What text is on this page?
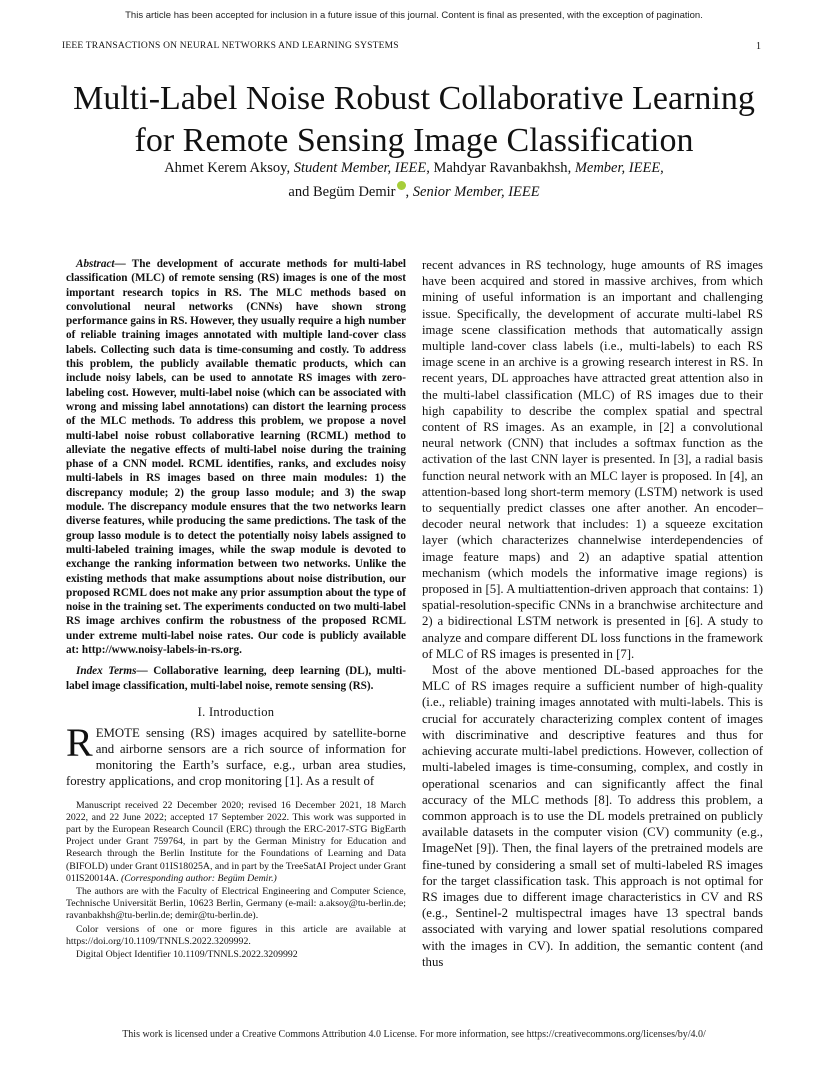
This article has been accepted for inclusion in a future issue of this journal. Content is final as presented, with the exception of pagination.
IEEE TRANSACTIONS ON NEURAL NETWORKS AND LEARNING SYSTEMS	1
Multi-Label Noise Robust Collaborative Learning
for Remote Sensing Image Classification
Ahmet Kerem Aksoy, Student Member, IEEE, Mahdyar Ravanbakhsh, Member, IEEE,
and Begüm Demir , Senior Member, IEEE

Abstract— The development of accurate methods for multi-label classification (MLC) of remote sensing (RS) images is one of the most important research topics in RS. The MLC methods based on convolutional neural networks (CNNs) have shown strong performance gains in RS. However, they usually require a high number of reliable training images annotated with multiple land-cover class labels. Collecting such data is time-consuming and costly. To address this problem, the publicly available thematic products, which can include noisy labels, can be used to annotate RS images with zero-labeling cost. However, multi-label noise (which can be associated with wrong and missing label annotations) can distort the learning process of the MLC methods. To address this problem, we propose a novel multi-label noise robust collaborative learning (RCML) method to alleviate the negative effects of multi-label noise during the training phase of a CNN model. RCML identifies, ranks, and excludes noisy multi-labels in RS images based on three main modules: 1) the discrepancy module; 2) the group lasso module; and 3) the swap module. The discrepancy module ensures that the two networks learn diverse features, while producing the same predictions. The task of the group lasso module is to detect the potentially noisy labels assigned to multi-labeled training images, while the swap module is devoted to exchange the ranking information between two networks. Unlike the existing methods that make assumptions about noise distribution, our proposed RCML does not make any prior assumption about the type of noise in the training set. The experiments conducted on two multi-label RS image archives confirm the robustness of the proposed RCML under extreme multi-label noise rates. Our code is publicly available at: http://www.noisy-labels-in-rs.org.

Index Terms— Collaborative learning, deep learning (DL), multi-label image classification, multi-label noise, remote sensing (RS).

I. Introduction

REMOTE sensing (RS) images acquired by satellite-borne and airborne sensors are a rich source of information for monitoring the Earth’s surface, e.g., urban area studies, forestry applications, and crop monitoring [1]. As a result of

Manuscript received 22 December 2020; revised 16 December 2021, 18 March 2022, and 22 June 2022; accepted 17 September 2022. This work was supported in part by the European Research Council (ERC) through the ERC-2017-STG BigEarth Project under Grant 759764, in part by the German Ministry for Education and Research through the Berlin Institute for the Foundations of Learning and Data (BIFOLD) under Grant 01IS18025A, and in part by the TreeSatAI Project under Grant 01IS20014A. (Corresponding author: Begüm Demir.)

The authors are with the Faculty of Electrical Engineering and Computer Science, Technische Universität Berlin, 10623 Berlin, Germany (e-mail: a.aksoy@tu-berlin.de; ravanbakhsh@tu-berlin.de; demir@tu-berlin.de).

Color versions of one or more figures in this article are available at https://doi.org/10.1109/TNNLS.2022.3209992.

Digital Object Identifier 10.1109/TNNLS.2022.3209992

recent advances in RS technology, huge amounts of RS images have been acquired and stored in massive archives, from which mining of useful information is an important and challenging issue. Specifically, the development of accurate multi-label RS image scene classification methods that automatically assign multiple land-cover class labels (i.e., multi-labels) to each RS image scene in an archive is a growing research interest in RS. In recent years, DL approaches have attracted great attention also in the multi-label classification (MLC) of RS images due to their high capability to describe the complex spatial and spectral content of RS images. As an example, in [2] a convolutional neural network (CNN) that includes a softmax function as the activation of the last CNN layer is presented. In [3], a radial basis function neural network with an MLC layer is proposed. In [4], an attention-based long short-term memory (LSTM) network is used to sequentially predict classes one after another. An encoder–decoder neural network that includes: 1) a squeeze excitation layer (which characterizes channelwise interdependencies of image feature maps) and 2) an adaptive spatial attention mechanism (which models the informative image regions) is proposed in [5]. A multiattention-driven approach that contains: 1) spatial-resolution-specific CNNs in a branchwise architecture and 2) a bidirectional LSTM network is presented in [6]. A study to analyze and compare different DL loss functions in the framework of MLC of RS images is presented in [7].

Most of the above mentioned DL-based approaches for the MLC of RS images require a sufficient number of high-quality (i.e., reliable) training images annotated with multi-labels. This is crucial for accurately characterizing complex content of images with discriminative and descriptive features and thus for achieving accurate multi-label predictions. However, collection of multi-labeled images is time-consuming, complex, and costly in operational scenarios and can significantly affect the final accuracy of the MLC methods [8]. To address this problem, a common approach is to use the DL models pretrained on publicly available datasets in the computer vision (CV) community (e.g., ImageNet [9]). Then, the final layers of the pretrained models are fine-tuned by considering a small set of multi-labeled RS images for the target classification task. This approach is not optimal for RS images due to different image characteristics in CV and RS (e.g., Sentinel-2 multispectral images have 13 spectral bands associated with varying and lower spatial resolutions compared with the images in CV). In addition, the semantic content (and thus

This work is licensed under a Creative Commons Attribution 4.0 License. For more information, see https://creativecommons.org/licenses/by/4.0/
